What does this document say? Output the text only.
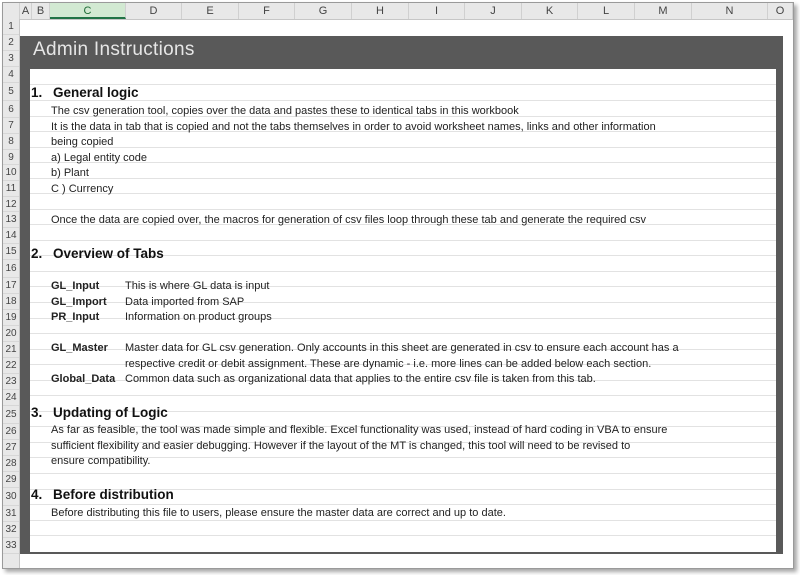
A B	C	D	E	F	G	H	I	J	K	L	M	N	O
1
2
3
4
5
6
7
8
9
10
11
12
13
14
15
16
17
18
19
20
21
22
23
24
25
26
27
28
29
30
31
32
33
Admin Instructions
1. General logic
The csv generation tool, copies over the data and pastes these to identical tabs in this workbook
It is the data in tab that is copied and not the tabs themselves in order to avoid worksheet names, links and other information
being copied
a) Legal entity code
b) Plant
C ) Currency
Once the data are copied over, the macros for generation of csv files loop through these tab and generate the required csv
2. Overview of Tabs
GL_Input This is where GL data is input
GL_Import Data imported from SAP
PR_Input Information on product groups
GL_Master Master data for GL csv generation. Only accounts in this sheet are generated in csv to ensure each account has a
respective credit or debit assignment. These are dynamic - i.e. more lines can be added below each section.
Global_Data Common data such as organizational data that applies to the entire csv file is taken from this tab.
3. Updating of Logic
As far as feasible, the tool was made simple and flexible. Excel functionality was used, instead of hard coding in VBA to ensure
sufficient flexibility and easier debugging. However if the layout of the MT is changed, this tool will need to be revised to
ensure compatibility.
4. Before distribution
Before distributing this file to users, please ensure the master data are correct and up to date.
